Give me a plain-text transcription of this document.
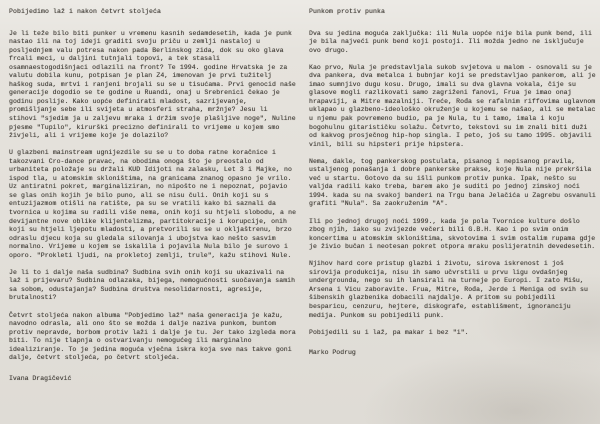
Pobijedimo laž i nakon četvrt stoljeća

Je li teže bilo biti punker u vremenu kasnih sedamdesetih, kada je punk nastao ili na toj ideji graditi svoju priču u zemlji nastaloj u posljednjem valu potresa nakon pada Berlinskog zida, dok su oko glava frcali meci, u daljini tutnjali topovi, a tek stasali osamnaestogodišnjaci odlazili na front? Te 1994. godine Hrvatska je za valutu dobila kunu, potpisan je plan Z4, imenovan je prvi tužitelj haškog suda, mrtvi i ranjeni brojali su se u tisućama. Prvi genocid naše generacije dogodio se te godine u Ruandi, onaj u Srebrenici čekao je godinu poslije. Kako uopće definirati mladost, sazrijevanje, promišljanje sebe ili svijeta u atmosferi straha, mržnje? Jesu li stihovi "sjedim ja u zaljevu mraka i držim svoje plašljive noge", Nuline pjesme "Tupilo", kirurški precizno definirali to vrijeme u kojem smo živjeli, ali i vrijeme koje je dolazilo?

U glazbeni mainstream ugnijezdile su se u to doba ratne koračnice i takozvani Cro-dance pravac, na obodima onoga što je preostalo od urbaniteta položaje su držali KUD Idijoti na zalasku, Let 3 i Majke, no ispod tla, u atomskim skloništima, na granicama znanog opasno je vrilo. Uz antiratni pokret, marginaliziran, no nipošto ne i nepoznat, pojavio se glas onih kojih je bilo puno, ali se nisu čuli. Onih koji su s entuzijazmom otišli na ratište, pa su se vratili kako bi saznali da tvornica u kojima su radili više nema, onih koji su htjeli slobodu, a ne devijantne nove oblike klijentelizma, partitokracije i korupcije, onih koji su htjeli ljepotu mladosti, a pretvorili su se u okljaštrenu, brzo odraslu djecu koja su gledala silovanja i ubojstva kao nešto sasvim normalno. Vrijeme u kojem se iskalila i pojavila Nula bilo je surovo i oporo. "Prokleti ljudi, na prokletoj zemlji, trule", kažu stihovi Nule.

Je li to i dalje naša sudbina? Sudbina svih onih koji su ukazivali na laž i prijevaru? Sudbina odlazaka, bijega, nemogućnosti suočavanja samih sa sobom, odustajanja? Sudbina društva nesolidarnosti, agresije, brutalnosti?

Četvrt stoljeća nakon albuma "Pobjedimo laž" naša generacija je kažu, navodno odrasla, ali ono što se možda i dalje naziva punkom, buntom protiv nepravde, borbom protiv laži i dalje je tu. Jer tako izgleda mora biti. To nije tlapnja o ostvarivanju nemogućeg ili marginalno idealiziranje. To je jedina moguća vječna iskra koja sve nas takve goni dalje, četvrt stoljeća, po četvrt stoljeća.

Ivana Dragičević
Punkom protiv punka

Dva su jedina moguća zaključka: ili Nula uopće nije bila punk bend, ili je bila najveći punk bend koji postoji. Ili možda jedno ne isključuje ovo drugo.

Kao prvo, Nula je predstavljala sukob svjetova u malom - osnovali su je dva pankera, dva metalca i bubnjar koji se predstavljao pankerom, ali je imao sumnjivo dugu kosu. Drugo, imali su dva glavna vokala, čije su glasove mogli razlikovati samo zagriženi fanovi, Frua je imao onaj hrapaviji, a Mitre mazalniji. Treće, Rođa se rafalnim riffovima uglavnom uklapao u glazbeno-ideološko okruženje u kojemu se našao, ali se metalac u njemu pak povremeno budio, pa je Nula, tu i tamo, imala i koju bogohulnu gitarističku solažu. Četvrto, tekstovi su im znali biti duži od kakvog prosječnog hip-hop singla. I peto, još su tamo 1995. objavili vinil, bili su hipsteri prije hipstera.

Nema, dakle, tog pankerskog postulata, pisanog i nepisanog pravila, ustaljenog ponašanja i dobre pankerske prakse, koje Nula nije prekršila već u startu. Gotovo da su išli punkom protiv punka. Ipak, nešto su valjda radili kako treba, barem ako je suditi po jednoj zimskoj noći 1994. kada su na svakoj banderi na Trgu bana Jelačića u Zagrebu osvanuli grafiti "Nula". Sa zaokruženim "A".

Ili po jednoj drugoj noći 1999., kada je pola Tvornice kulture došlo zbog njih, iako su zvijezde večeri bili G.B.H. Kao i po svim onim koncertima u atomskim skloništima, skvotovima i svim ostalim rupama gdje je živio bučan i neotesan pokret otpora mraku poslijeratnih devedesetih.

Njihov hard core pristup glazbi i životu, sirova iskrenost i još sirovija produkcija, nisu ih samo učvrstili u prvu ligu ovdašnjeg undergrounda, nego su ih lansirali na turneje po Europi. I zato Mišu, Arsena i Vicu zaboravite. Frua, Mitre, Rođa, Jerde i Meniga od svih su šibenskih glazbenika dobacili najdalje. A pritom su pobijedili besparicu, cenzuru, hejtere, diskografe, establišment, ignoranciju medija. Punkom su pobijedili punk.

Pobijedili su i laž, pa makar i bez "i".

Marko Podrug
